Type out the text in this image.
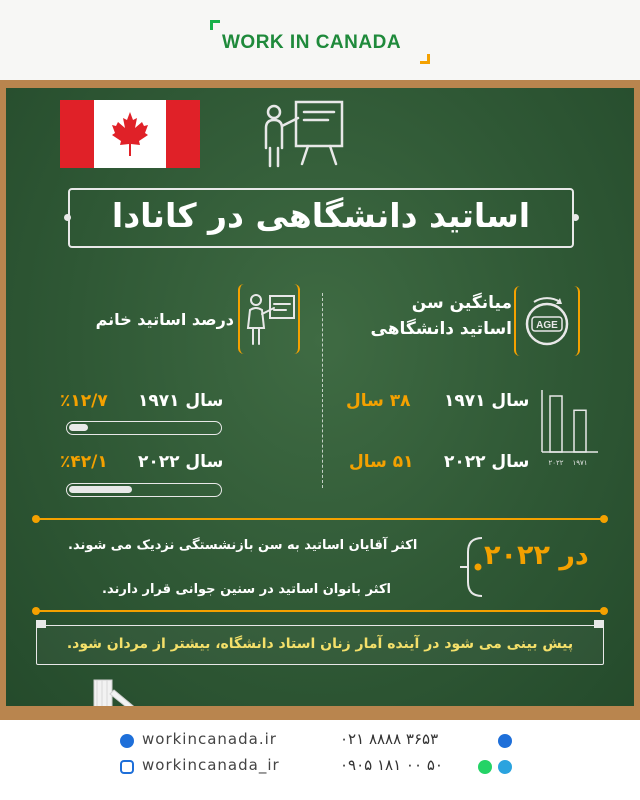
WORK IN CANADA
اساتید دانشگاهی در کانادا
میانگین سن
اساتید دانشگاهی AGE
سال ۱۹۷۱
۳۸ سال
سال ۲۰۲۲
۵۱ سال	۱۹۷۱
۲۰۲۲
درصد اساتید خانم
سال ۱۹۷۱
٪۱۲/۷
سال ۲۰۲۲
٪۴۲/۱
در ۲۰۲۲
اکثر آقایان اساتید به سن بازنشستگی نزدیک می شوند.
اکثر بانوان اساتید در سنین جوانی قرار دارند.
پیش بینی می شود در آینده آمار زنان استاد دانشگاه، بیشتر از مردان شود.
workincanada.ir
workincanada_ir
۰۲۱ ۸۸۸۸ ۳۶۵۳
۰۹۰۵ ۱۸۱ ۰۰ ۵۰
